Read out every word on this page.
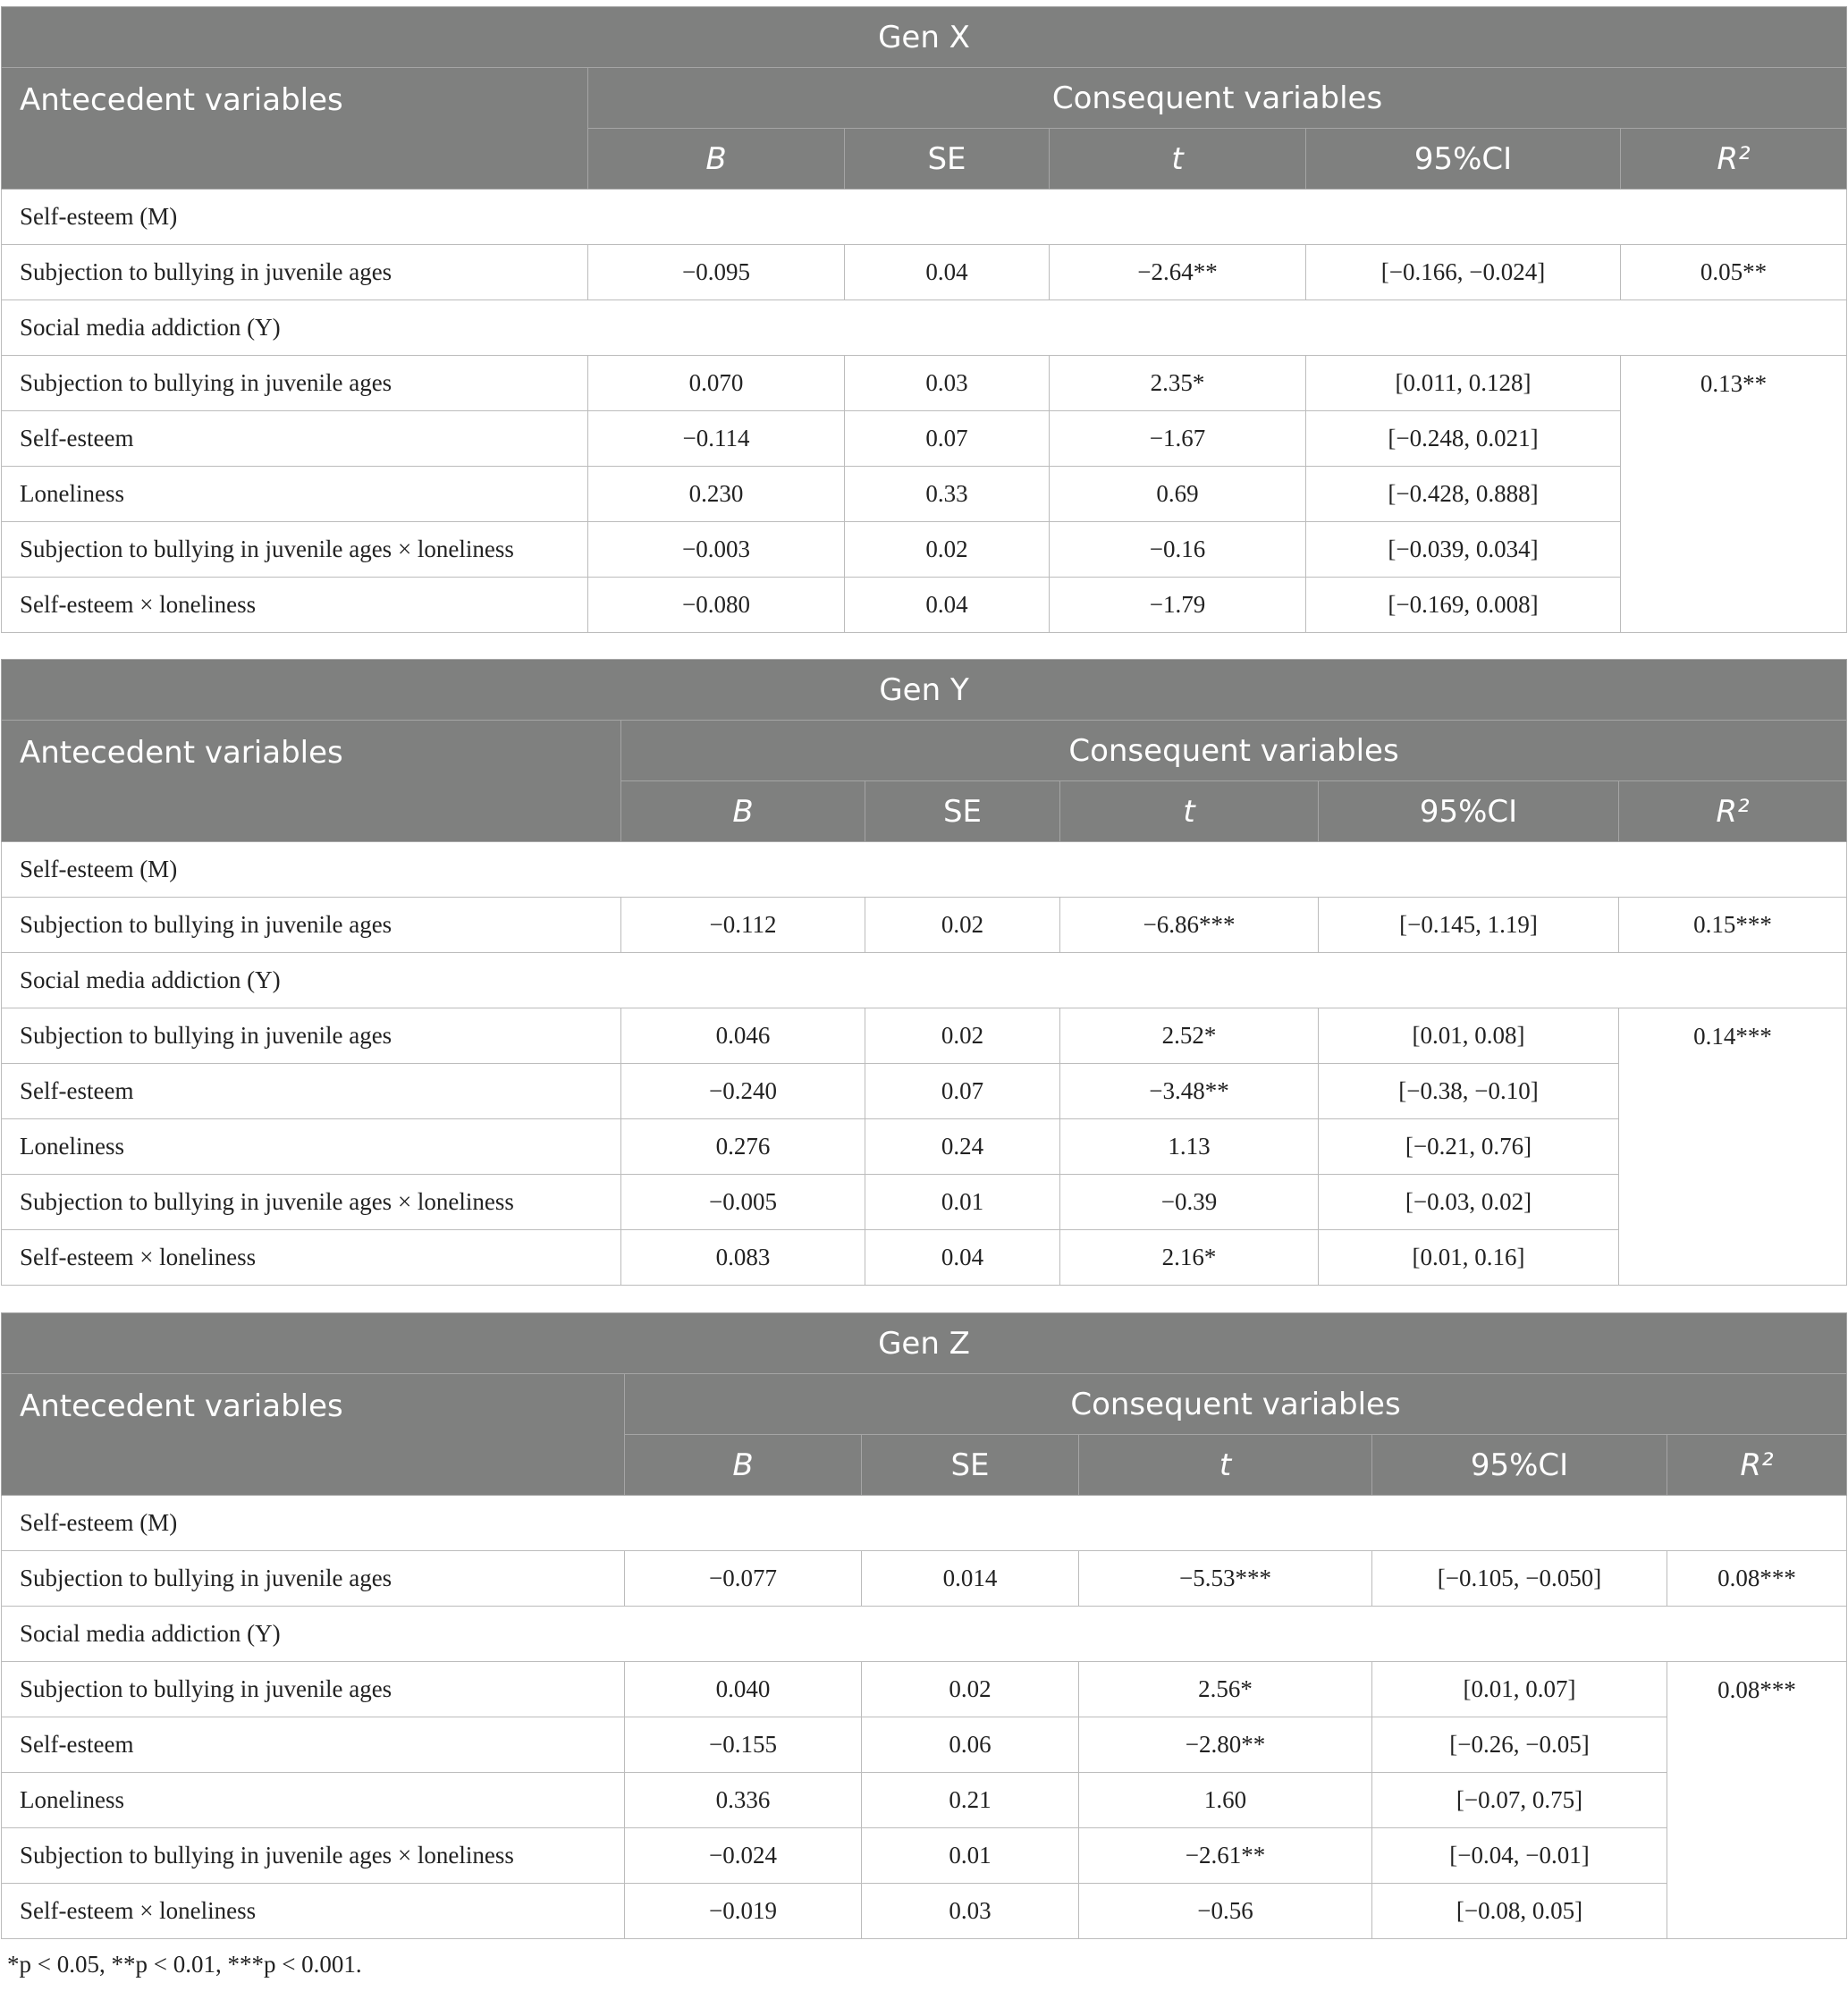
Gen X					
Antecedent variables	Consequent variables				
	B	SE	t	95%CI	R²
Self-esteem (M)					
Subjection to bullying in juvenile ages	−0.095	0.04	−2.64**	[−0.166, −0.024]	0.05**
Social media addiction (Y)					
Subjection to bullying in juvenile ages	0.070	0.03	2.35*	[0.011, 0.128]	0.13**
Self-esteem	−0.114	0.07	−1.67	[−0.248, 0.021]	
Loneliness	0.230	0.33	0.69	[−0.428, 0.888]	
Subjection to bullying in juvenile ages × loneliness	−0.003	0.02	−0.16	[−0.039, 0.034]	
Self-esteem × loneliness	−0.080	0.04	−1.79	[−0.169, 0.008]	
Gen Y					
Antecedent variables	Consequent variables				
	B	SE	t	95%CI	R²
Self-esteem (M)					
Subjection to bullying in juvenile ages	−0.112	0.02	−6.86***	[−0.145, 1.19]	0.15***
Social media addiction (Y)					
Subjection to bullying in juvenile ages	0.046	0.02	2.52*	[0.01, 0.08]	0.14***
Self-esteem	−0.240	0.07	−3.48**	[−0.38, −0.10]	
Loneliness	0.276	0.24	1.13	[−0.21, 0.76]	
Subjection to bullying in juvenile ages × loneliness	−0.005	0.01	−0.39	[−0.03, 0.02]	
Self-esteem × loneliness	0.083	0.04	2.16*	[0.01, 0.16]	
Gen Z					
Antecedent variables	Consequent variables				
	B	SE	t	95%CI	R²
Self-esteem (M)					
Subjection to bullying in juvenile ages	−0.077	0.014	−5.53***	[−0.105, −0.050]	0.08***
Social media addiction (Y)					
Subjection to bullying in juvenile ages	0.040	0.02	2.56*	[0.01, 0.07]	0.08***
Self-esteem	−0.155	0.06	−2.80**	[−0.26, −0.05]	
Loneliness	0.336	0.21	1.60	[−0.07, 0.75]	
Subjection to bullying in juvenile ages × loneliness	−0.024	0.01	−2.61**	[−0.04, −0.01]	
Self-esteem × loneliness	−0.019	0.03	−0.56	[−0.08, 0.05]	
*p < 0.05, **p < 0.01, ***p < 0.001.
